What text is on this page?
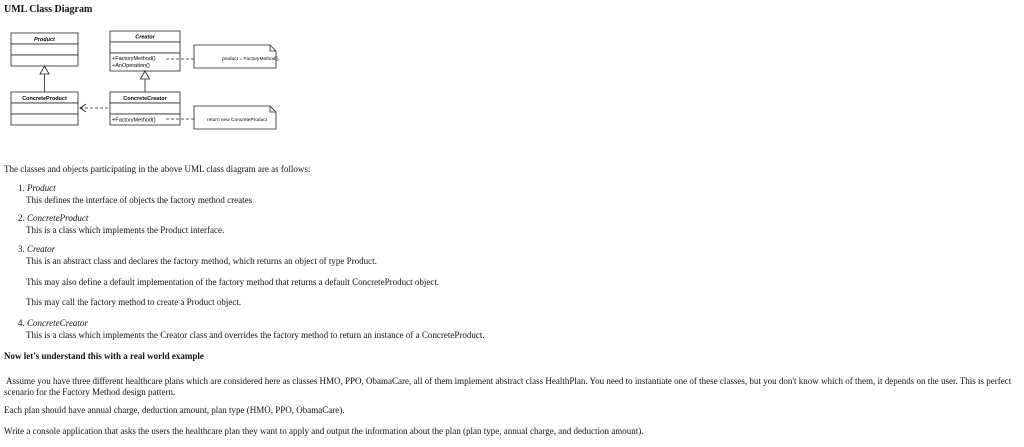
UML Class Diagram
Product	Creator
+FactoryMethod()
+AnOperation()
product = FactoryMethod()
ConcreteProduct	ConcreteCreator
+FactoryMethod()	return new ConcreteProduct
The classes and objects participating in the above UML class diagram are as follows:
1. Product
This defines the interface of objects the factory method creates
2. ConcreteProduct
This is a class which implements the Product interface.
3. Creator
This is an abstract class and declares the factory method, which returns an object of type Product.
This may also define a default implementation of the factory method that returns a default ConcreteProduct object.
This may call the factory method to create a Product object.
4. ConcreteCreator
This is a class which implements the Creator class and overrides the factory method to return an instance of a ConcreteProduct.
Now let's understand this with a real world example
Assume you have three different healthcare plans which are considered here as classes HMO, PPO, ObamaCare, all of them implement abstract class HealthPlan. You need to instantiate one of these classes, but you don't know which of them, it depends on the user. This is perfect scenario for the Factory Method design pattern.
Each plan should have annual charge, deduction amount, plan type (HMO, PPO, ObamaCare).
Write a console application that asks the users the healthcare plan they want to apply and output the information about the plan (plan type, annual charge, and deduction amount).
